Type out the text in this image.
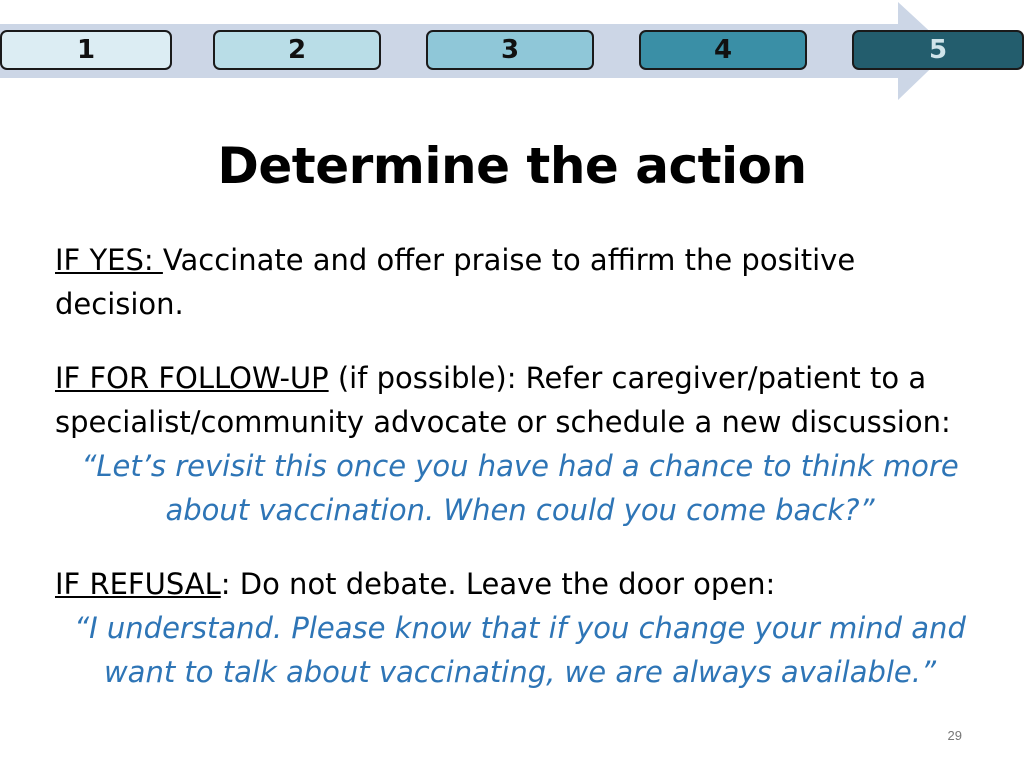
1	2	3	4	5
Determine the action
IF YES: Vaccinate and offer praise to affirm the positive decision.
IF FOR FOLLOW-UP (if possible): Refer caregiver/patient to a specialist/community advocate or schedule a new discussion:
“Let’s revisit this once you have had a chance to think more about vaccination. When could you come back?”
IF REFUSAL: Do not debate. Leave the door open:
“I understand. Please know that if you change your mind and want to talk about vaccinating, we are always available.”
29
